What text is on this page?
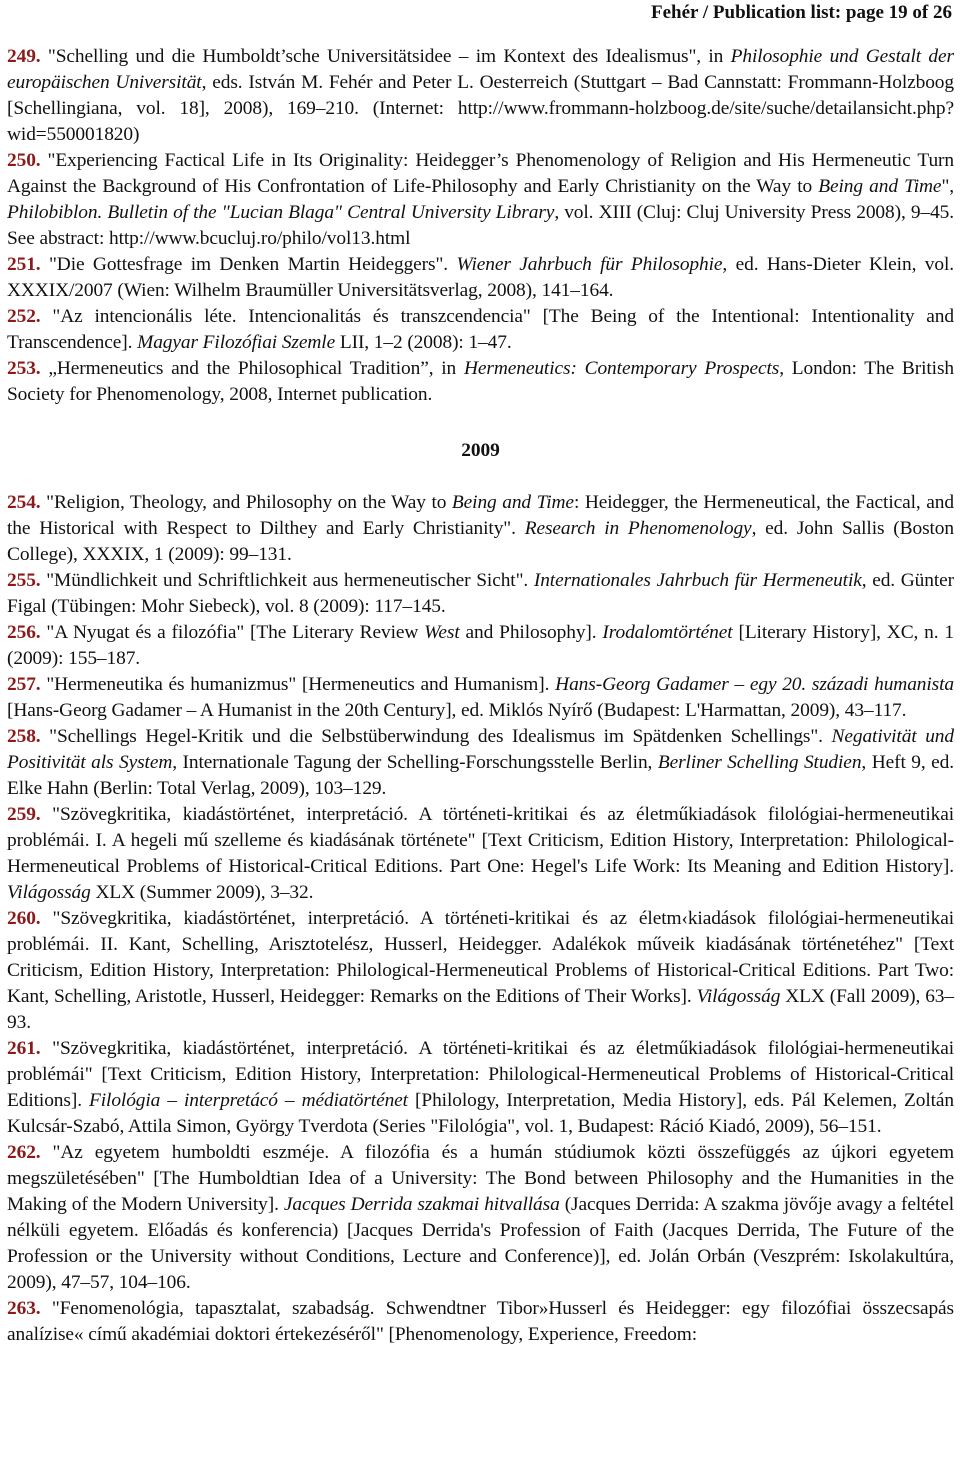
Fehér / Publication list: page 19 of 26

249. "Schelling und die Humboldt’sche Universitätsidee – im Kontext des Idealismus", in Philosophie und Gestalt der europäischen Universität, eds. István M. Fehér and Peter L. Oesterreich (Stuttgart – Bad Cannstatt: Frommann-Holzboog [Schellingiana, vol. 18], 2008), 169–210. (Internet: http://www.frommann-holzboog.de/site/suche/detailansicht.php?wid=550001820)

250. "Experiencing Factical Life in Its Originality: Heidegger’s Phenomenology of Religion and His Hermeneutic Turn Against the Background of His Confrontation of Life-Philosophy and Early Christianity on the Way to Being and Time", Philobiblon. Bulletin of the "Lucian Blaga" Central University Library, vol. XIII (Cluj: Cluj University Press 2008), 9–45. See abstract: http://www.bcucluj.ro/philo/vol13.html

251. "Die Gottesfrage im Denken Martin Heideggers". Wiener Jahrbuch für Philosophie, ed. Hans-Dieter Klein, vol. XXXIX/2007 (Wien: Wilhelm Braumüller Universitätsverlag, 2008), 141–164.

252. "Az intencionális léte. Intencionalitás és transzcendencia" [The Being of the Intentional: Intentionality and Transcendence]. Magyar Filozófiai Szemle LII, 1–2 (2008): 1–47.

253. „Hermeneutics and the Philosophical Tradition”, in Hermeneutics: Contemporary Prospects, London: The British Society for Phenomenology, 2008, Internet publication.

2009

254. "Religion, Theology, and Philosophy on the Way to Being and Time: Heidegger, the Hermeneutical, the Factical, and the Historical with Respect to Dilthey and Early Christianity". Research in Phenomenology, ed. John Sallis (Boston College), XXXIX, 1 (2009): 99–131.

255. "Mündlichkeit und Schriftlichkeit aus hermeneutischer Sicht". Internationales Jahrbuch für Hermeneutik, ed. Günter Figal (Tübingen: Mohr Siebeck), vol. 8 (2009): 117–145.

256. "A Nyugat és a filozófia" [The Literary Review West and Philosophy]. Irodalomtörténet [Literary History], XC, n. 1 (2009): 155–187.

257. "Hermeneutika és humanizmus" [Hermeneutics and Humanism]. Hans-Georg Gadamer – egy 20. századi humanista [Hans-Georg Gadamer – A Humanist in the 20th Century], ed. Miklós Nyírő (Budapest: L'Harmattan, 2009), 43–117.

258. "Schellings Hegel-Kritik und die Selbstüberwindung des Idealismus im Spätdenken Schellings". Negativität und Positivität als System, Internationale Tagung der Schelling-Forschungsstelle Berlin, Berliner Schelling Studien, Heft 9, ed. Elke Hahn (Berlin: Total Verlag, 2009), 103–129.

259. "Szövegkritika, kiadástörténet, interpretáció. A történeti-kritikai és az életműkiadások filológiai-hermeneutikai problémái. I. A hegeli mű szelleme és kiadásának története" [Text Criticism, Edition History, Interpretation: Philological-Hermeneutical Problems of Historical-Critical Editions. Part One: Hegel's Life Work: Its Meaning and Edition History]. Világosság XLX (Summer 2009), 3–32.

260. "Szövegkritika, kiadástörténet, interpretáció. A történeti-kritikai és az életm‹kiadások filológiai-hermeneutikai problémái. II. Kant, Schelling, Arisztotelész, Husserl, Heidegger. Adalékok műveik kiadásának történetéhez" [Text Criticism, Edition History, Interpretation: Philological-Hermeneutical Problems of Historical-Critical Editions. Part Two: Kant, Schelling, Aristotle, Husserl, Heidegger: Remarks on the Editions of Their Works]. Világosság XLX (Fall 2009), 63–93.

261. "Szövegkritika, kiadástörténet, interpretáció. A történeti-kritikai és az életműkiadások filológiai-hermeneutikai problémái" [Text Criticism, Edition History, Interpretation: Philological-Hermeneutical Problems of Historical-Critical Editions]. Filológia – interpretácó – médiatörténet [Philology, Interpretation, Media History], eds. Pál Kelemen, Zoltán Kulcsár-Szabó, Attila Simon, György Tverdota (Series "Filológia", vol. 1, Budapest: Ráció Kiadó, 2009), 56–151.

262. "Az egyetem humboldti eszméje. A filozófia és a humán stúdiumok közti összefüggés az újkori egyetem megszületésében" [The Humboldtian Idea of a University: The Bond between Philosophy and the Humanities in the Making of the Modern University]. Jacques Derrida szakmai hitvallása (Jacques Derrida: A szakma jövője avagy a feltétel nélküli egyetem. Előadás és konferencia) [Jacques Derrida's Profession of Faith (Jacques Derrida, The Future of the Profession or the University without Conditions, Lecture and Conference)], ed. Jolán Orbán (Veszprém: Iskolakultúra, 2009), 47–57, 104–106.

263. "Fenomenológia, tapasztalat, szabadság. Schwendtner Tibor»Husserl és Heidegger: egy filozófiai összecsapás analízise« című akadémiai doktori értekezéséről" [Phenomenology, Experience, Freedom:
